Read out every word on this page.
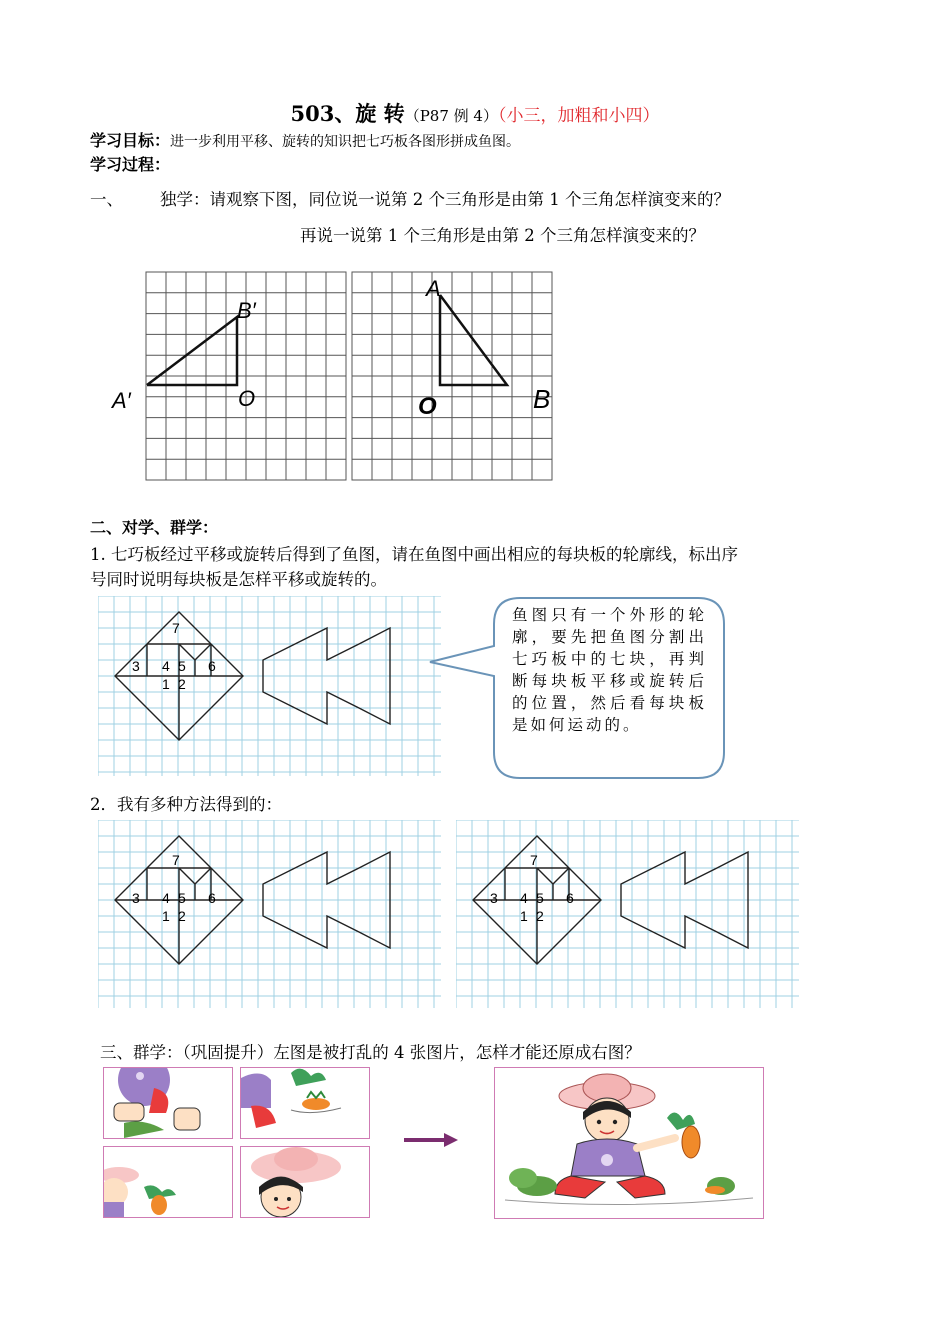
503、旋 转（P87 例 4）（小三，加粗和小四）
学习目标：进一步利用平移、旋转的知识把七巧板各图形拼成鱼图。
学习过程：
一、 独学：请观察下图，同位说一说第 2 个三角形是由第 1 个三角怎样演变来的？
再说一说第 1 个三角形是由第 2 个三角怎样演变来的？
B′
A′	O
A
O	B
二、对学、群学：
1. 七巧板经过平移或旋转后得到了鱼图，请在鱼图中画出相应的每块板的轮廓线，标出序
号同时说明每块板是怎样平移或旋转的。
鱼图只有一个外形的轮廓，要先把鱼图分割出七巧板中的七块，再判断每块板平移或旋转后的位置，然后看每块板是如何运动的。
2．我有多种方法得到的：
7
3 4 5 6
1 2
7
3 4 5 6
1 2
7
3 4 5 6
1 2
三、群学：（巩固提升）左图是被打乱的 4 张图片，怎样才能还原成右图？
